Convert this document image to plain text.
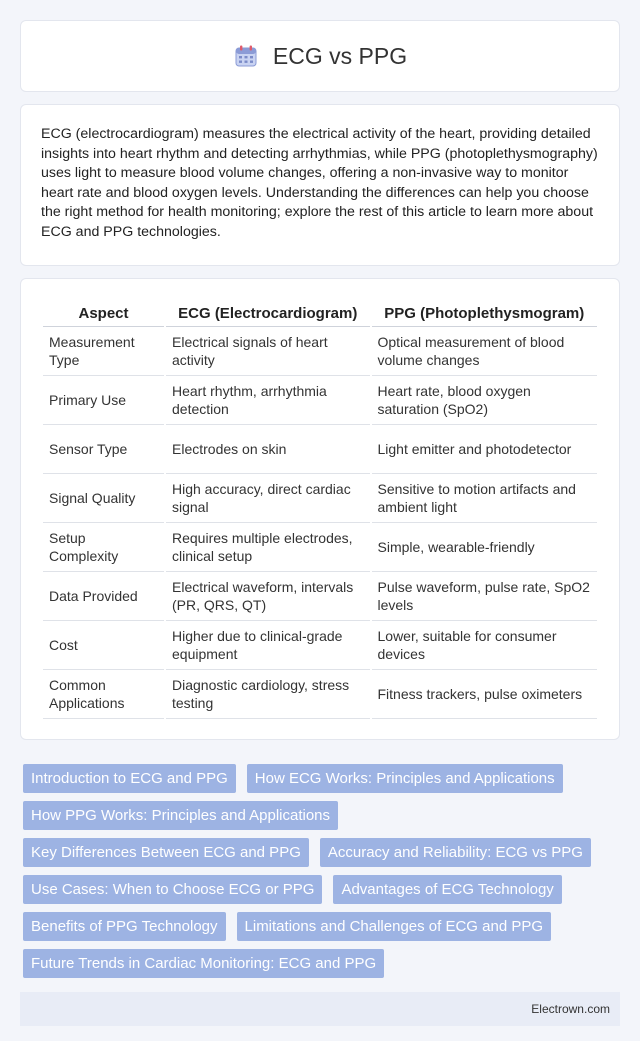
ECG vs PPG

ECG (electrocardiogram) measures the electrical activity of the heart, providing detailed insights into heart rhythm and detecting arrhythmias, while PPG (photoplethysmography) uses light to measure blood volume changes, offering a non-invasive way to monitor heart rate and blood oxygen levels. Understanding the differences can help you choose the right method for health monitoring; explore the rest of this article to learn more about ECG and PPG technologies.

Aspect	ECG (Electrocardiogram)	PPG (Photoplethysmogram)
Measurement Type	Electrical signals of heart activity	Optical measurement of blood volume changes
Primary Use	Heart rhythm, arrhythmia detection	Heart rate, blood oxygen saturation (SpO2)
Sensor Type	Electrodes on skin	Light emitter and photodetector
Signal Quality	High accuracy, direct cardiac signal	Sensitive to motion artifacts and ambient light
Setup Complexity	Requires multiple electrodes, clinical setup	Simple, wearable-friendly
Data Provided	Electrical waveform, intervals (PR, QRS, QT)	Pulse waveform, pulse rate, SpO2 levels
Cost	Higher due to clinical-grade equipment	Lower, suitable for consumer devices
Common Applications	Diagnostic cardiology, stress testing	Fitness trackers, pulse oximeters
Introduction to ECG and PPG	How ECG Works: Principles and Applications
How PPG Works: Principles and Applications
Key Differences Between ECG and PPG	Accuracy and Reliability: ECG vs PPG
Use Cases: When to Choose ECG or PPG	Advantages of ECG Technology
Benefits of PPG Technology	Limitations and Challenges of ECG and PPG
Future Trends in Cardiac Monitoring: ECG and PPG
Electrown.com
